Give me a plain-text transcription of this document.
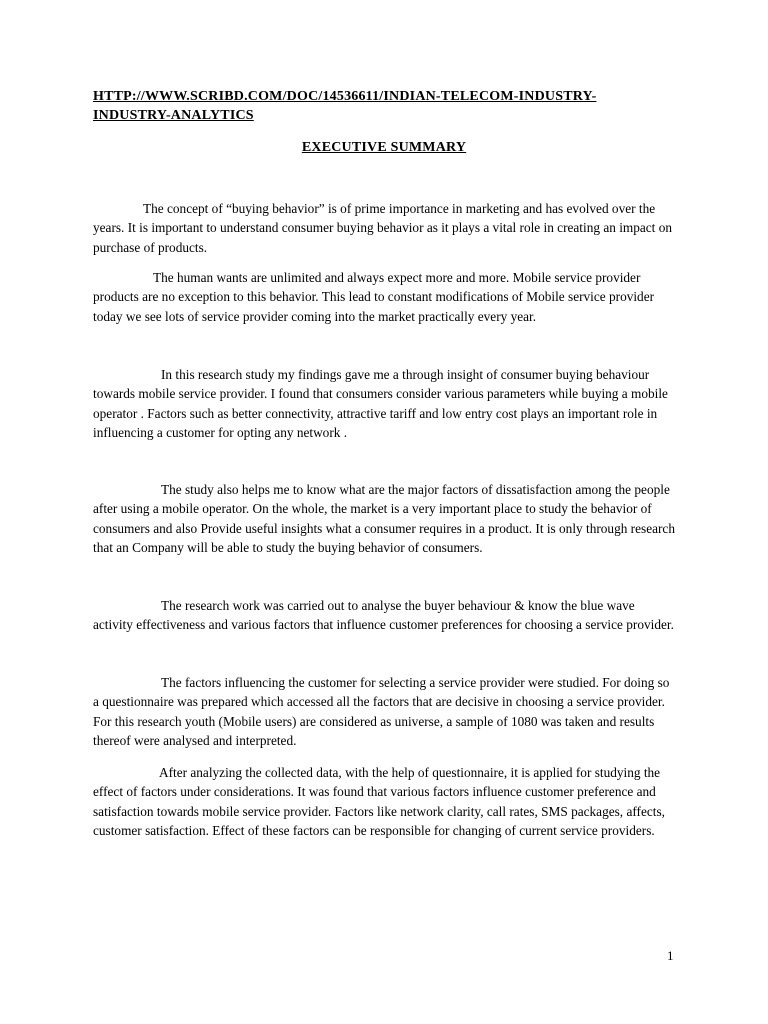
HTTP://WWW.SCRIBD.COM/DOC/14536611/INDIAN-TELECOM-INDUSTRY-INDUSTRY-ANALYTICS
EXECUTIVE SUMMARY

The concept of “buying behavior” is of prime importance in marketing and has evolved over the years. It is important to understand consumer buying behavior as it plays a vital role in creating an impact on purchase of products.

The human wants are unlimited and always expect more and more. Mobile service provider products are no exception to this behavior. This lead to constant modifications of Mobile service provider today we see lots of service provider coming into the market practically every year.

In this research study my findings gave me a through insight of consumer buying behaviour towards mobile service provider. I found that consumers consider various parameters while buying a mobile operator . Factors such as better connectivity, attractive tariff and low entry cost plays an important role in influencing a customer for opting any network .

The study also helps me to know what are the major factors of dissatisfaction among the people after using a mobile operator. On the whole, the market is a very important place to study the behavior of consumers and also Provide useful insights what a consumer requires in a product. It is only through research that an Company will be able to study the buying behavior of consumers.

The research work was carried out to analyse the buyer behaviour & know the blue wave activity effectiveness and various factors that influence customer preferences for choosing a service provider.

The factors influencing the customer for selecting a service provider were studied. For doing so a questionnaire was prepared which accessed all the factors that are decisive in choosing a service provider. For this research youth (Mobile users) are considered as universe, a sample of 1080 was taken and results thereof were analysed and interpreted.

After analyzing the collected data, with the help of questionnaire, it is applied for studying the effect of factors under considerations. It was found that various factors influence customer preference and satisfaction towards mobile service provider. Factors like network clarity, call rates, SMS packages, affects, customer satisfaction. Effect of these factors can be responsible for changing of current service providers.

1
